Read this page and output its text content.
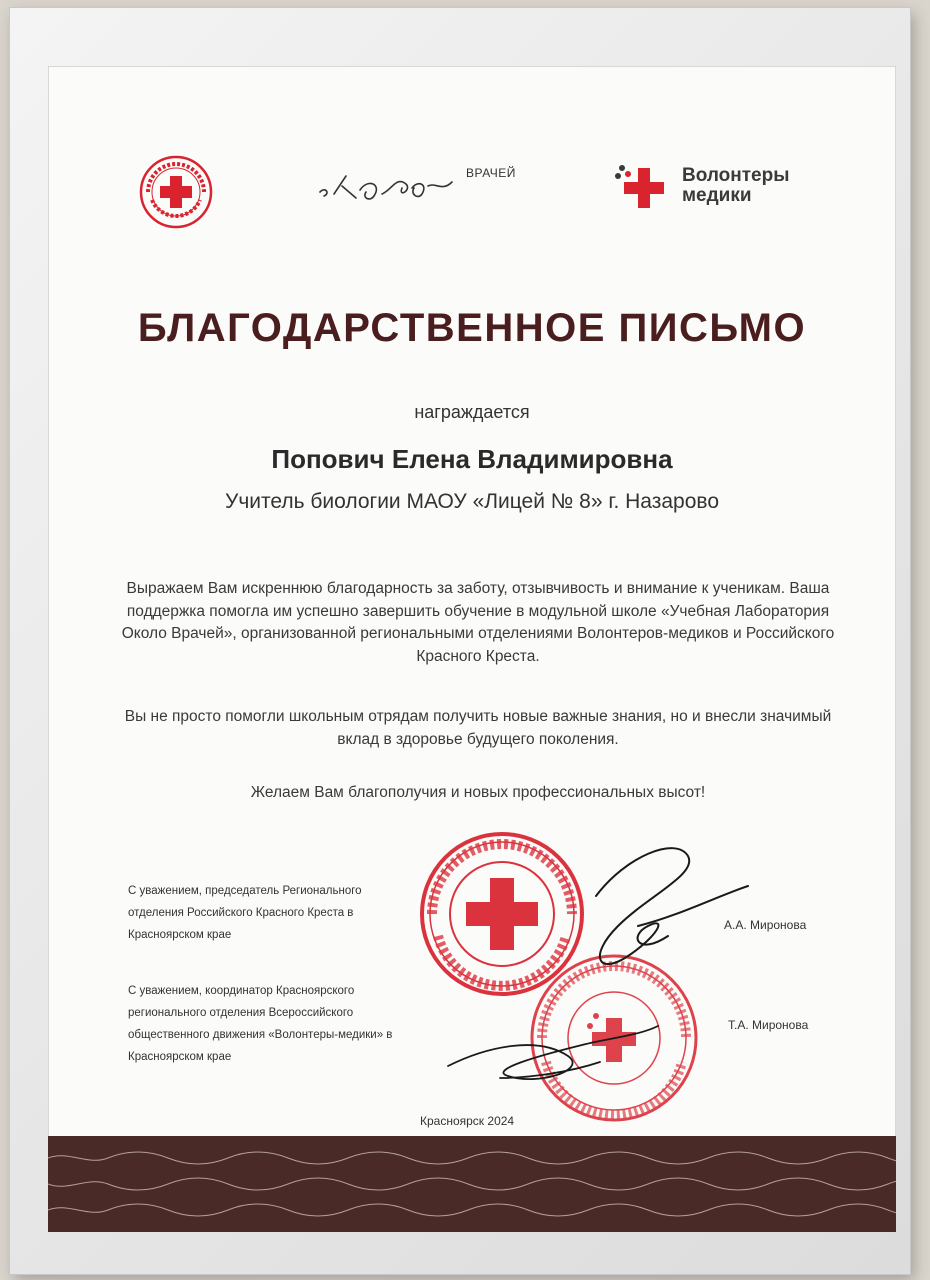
ВРАЧЕЙ	Волонтеры
медики
БЛАГОДАРСТВЕННОЕ ПИСЬМО
награждается
Попович Елена Владимировна
Учитель биологии МАОУ «Лицей № 8» г. Назарово
Выражаем Вам искреннюю благодарность за заботу, отзывчивость и внимание к ученикам. Ваша поддержка помогла им успешно завершить обучение в модульной школе «Учебная Лаборатория Около Врачей», организованной региональными отделениями Волонтеров-медиков и Российского Красного Креста.
Вы не просто помогли школьным отрядам получить новые важные знания, но и внесли значимый вклад в здоровье будущего поколения.
Желаем Вам благополучия и новых профессиональных высот!
С уважением, председатель Регионального отделения Российского Красного Креста в Красноярском крае
А.А. Миронова
С уважением, координатор Красноярского регионального отделения Всероссийского общественного движения «Волонтеры-медики» в Красноярском крае
Т.А. Миронова
Красноярск 2024
